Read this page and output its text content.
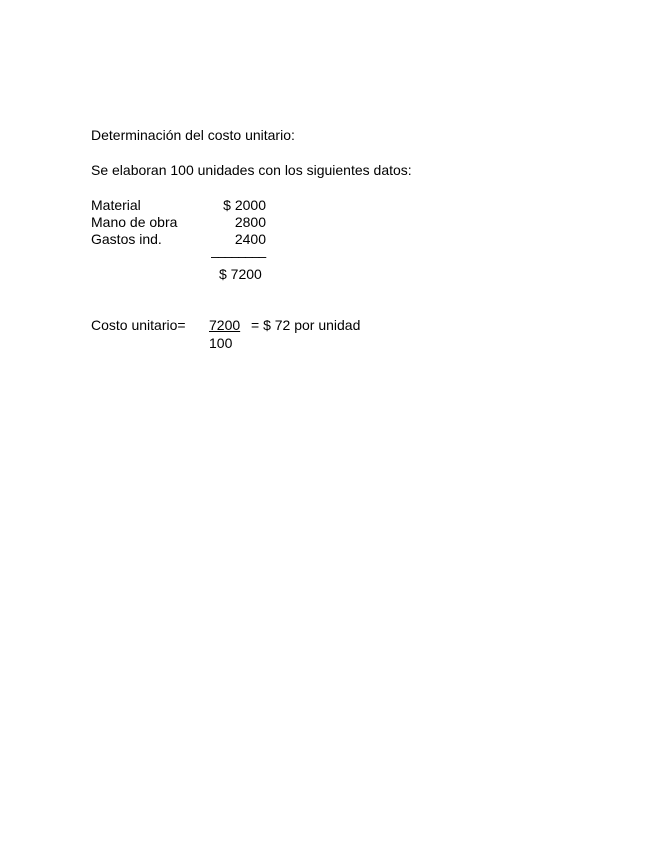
Determinación del costo unitario:
Se elaboran 100 unidades con los siguientes datos:
Material	$ 2000
Mano de obra	2800
Gastos ind.	2400
––––––––
$ 7200
Costo unitario= 7200 = $ 72 por unidad
100
